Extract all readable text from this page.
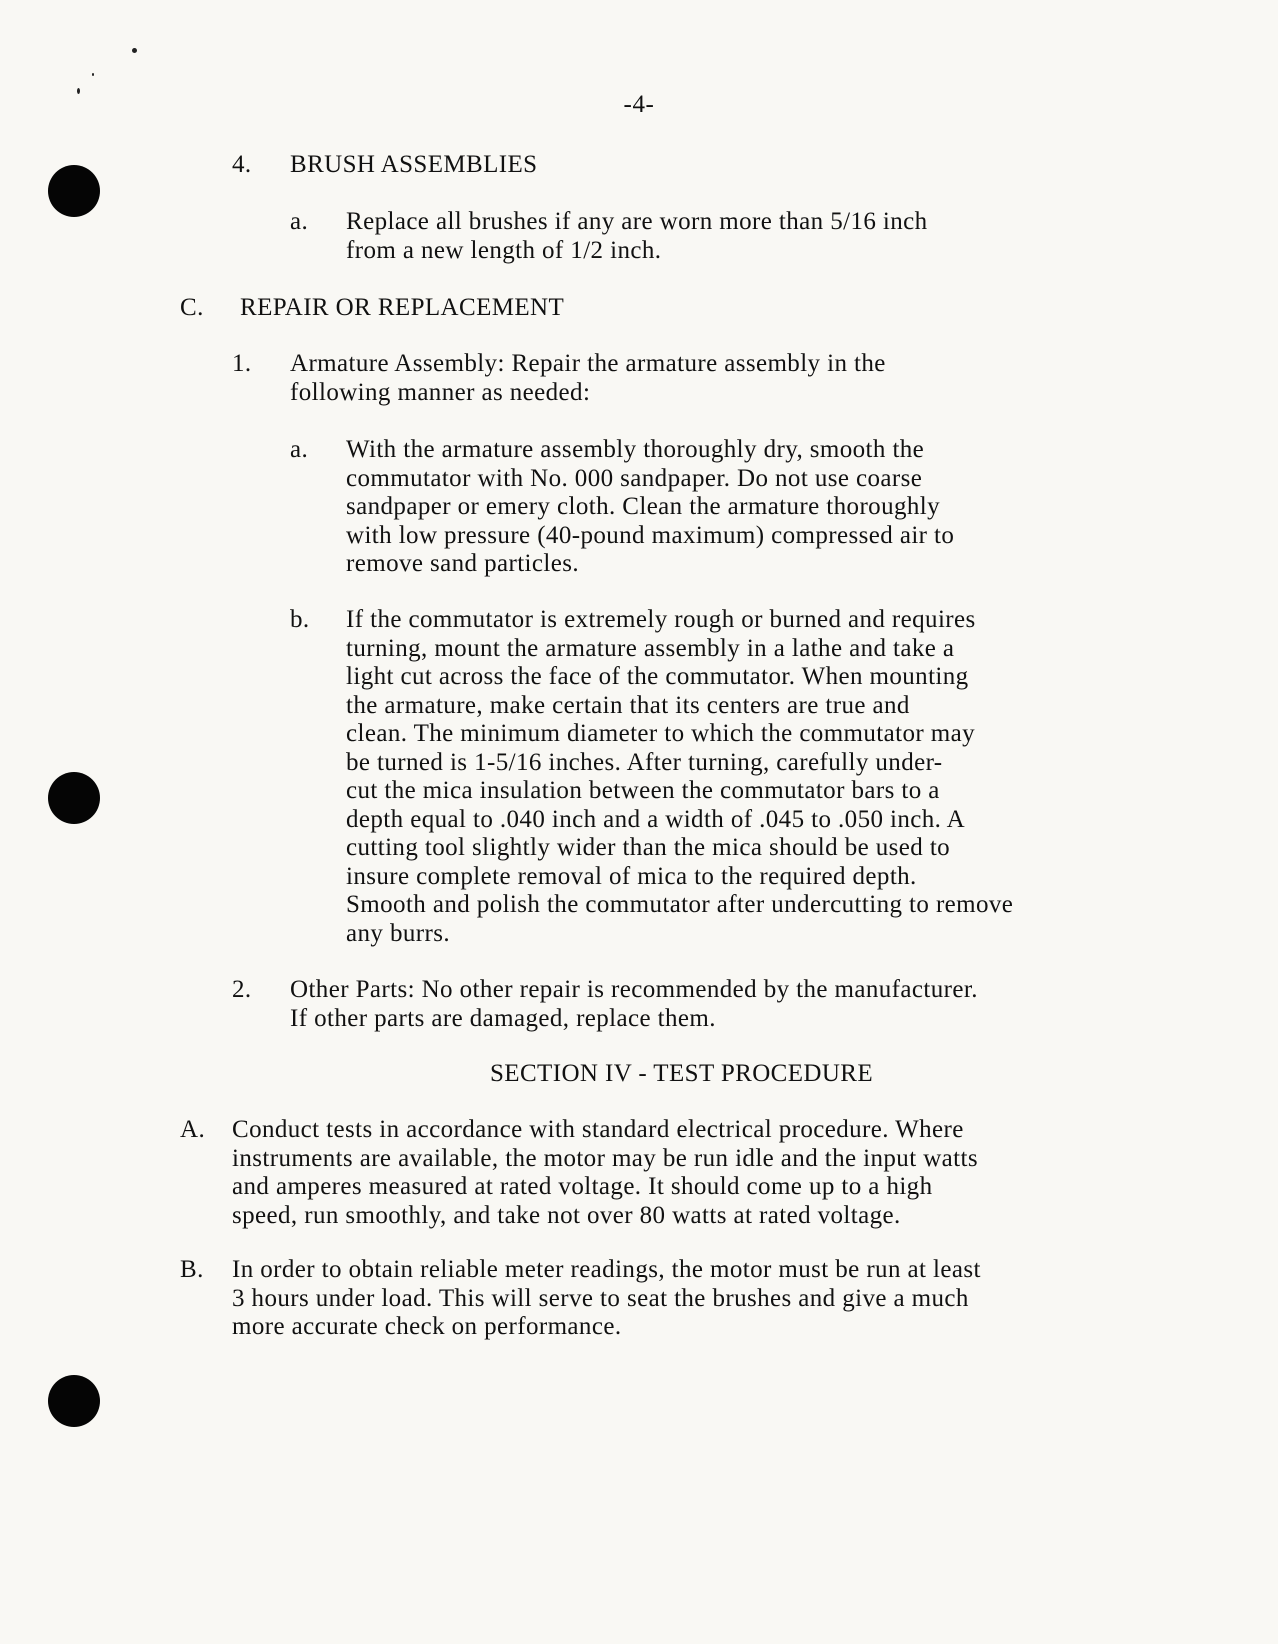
-4-
4. BRUSH ASSEMBLIES
a. Replace all brushes if any are worn more than 5/16 inch
from a new length of 1/2 inch.
C. REPAIR OR REPLACEMENT
1. Armature Assembly: Repair the armature assembly in the
following manner as needed:
a. With the armature assembly thoroughly dry, smooth the
commutator with No. 000 sandpaper. Do not use coarse
sandpaper or emery cloth. Clean the armature thoroughly
with low pressure (40-pound maximum) compressed air to
remove sand particles.
b. If the commutator is extremely rough or burned and requires
turning, mount the armature assembly in a lathe and take a
light cut across the face of the commutator. When mounting
the armature, make certain that its centers are true and
clean. The minimum diameter to which the commutator may
be turned is 1-5/16 inches. After turning, carefully under-
cut the mica insulation between the commutator bars to a
depth equal to .040 inch and a width of .045 to .050 inch. A
cutting tool slightly wider than the mica should be used to
insure complete removal of mica to the required depth.
Smooth and polish the commutator after undercutting to remove
any burrs.
2. Other Parts: No other repair is recommended by the manufacturer.
If other parts are damaged, replace them.
SECTION IV - TEST PROCEDURE
A. Conduct tests in accordance with standard electrical procedure. Where
instruments are available, the motor may be run idle and the input watts
and amperes measured at rated voltage. It should come up to a high
speed, run smoothly, and take not over 80 watts at rated voltage.
B. In order to obtain reliable meter readings, the motor must be run at least
3 hours under load. This will serve to seat the brushes and give a much
more accurate check on performance.
